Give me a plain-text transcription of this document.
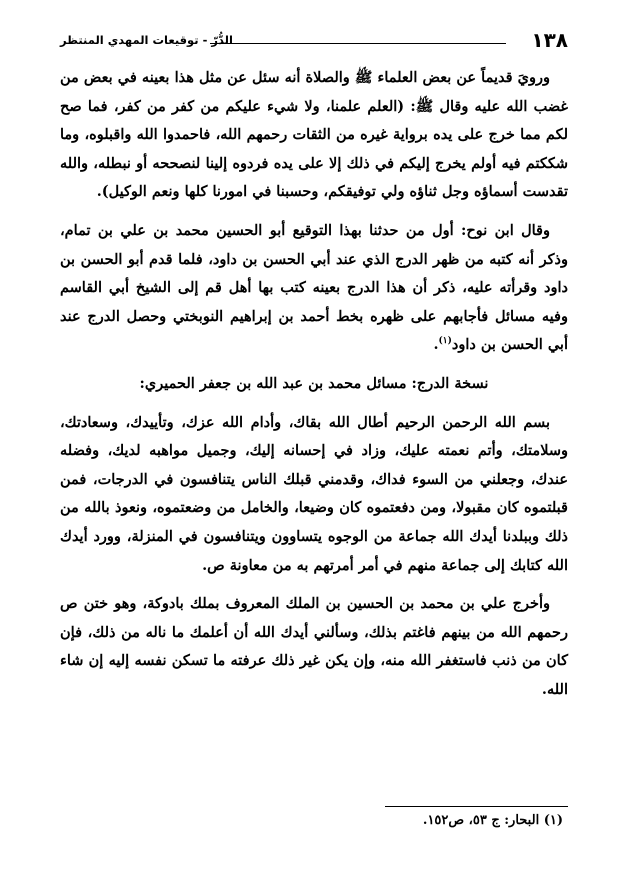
١٣٨
الدُّرّ - توقيعات المهدي المنتظر

ورويَ قديماً عن بعض العلماء ﷺ والصلاة أنه سئل عن مثل هذا بعينه في بعض من غضب الله عليه وقال ﷺ: (العلم علمنا، ولا شيء عليكم من كفر من كفر، فما صح لكم مما خرج على يده برواية غيره من الثقات رحمهم الله، فاحمدوا الله واقبلوه، وما شككتم فيه أولم يخرج إليكم في ذلك إلا على يده فردوه إلينا لنصححه أو نبطله، والله تقدست أسماؤه وجل ثناؤه ولي توفيقكم، وحسبنا في امورنا كلها ونعم الوكيل).

وقال ابن نوح: أول من حدثنا بهذا التوقيع أبو الحسين محمد بن علي بن تمام، وذكر أنه كتبه من ظهر الدرج الذي عند أبي الحسن بن داود، فلما قدم أبو الحسن بن داود وقرأته عليه، ذكر أن هذا الدرج بعينه كتب بها أهل قم إلى الشيخ أبي القاسم وفيه مسائل فأجابهم على ظهره بخط أحمد بن إبراهيم النوبختي وحصل الدرج عند أبي الحسن بن داود$^{(١)}$.

نسخة الدرج: مسائل محمد بن عبد الله بن جعفر الحميري:

بسم الله الرحمن الرحيم أطال الله بقاك، وأدام الله عزك، وتأييدك، وسعادتك، وسلامتك، وأتم نعمته عليك، وزاد في إحسانه إليك، وجميل مواهبه لديك، وفضله عندك، وجعلني من السوء فداك، وقدمني قبلك الناس يتنافسون في الدرجات، فمن قبلتموه كان مقبولا، ومن دفعتموه كان وضيعا، والخامل من وضعتموه، ونعوذ بالله من ذلك وببلدنا أيدك الله جماعة من الوجوه يتساوون ويتنافسون في المنزلة، وورد أيدك الله كتابك إلى جماعة منهم في أمر أمرتهم به من معاونة ص.

وأخرج علي بن محمد بن الحسين بن الملك المعروف بملك بادوكة، وهو ختن ص رحمهم الله من بينهم فاغتم بذلك، وسألني أيدك الله أن أعلمك ما ناله من ذلك، فإن كان من ذنب فاستغفر الله منه، وإن يكن غير ذلك عرفته ما تسكن نفسه إليه إن شاء الله.

(١) البحار: ج ٥٣، ص١٥٢.
